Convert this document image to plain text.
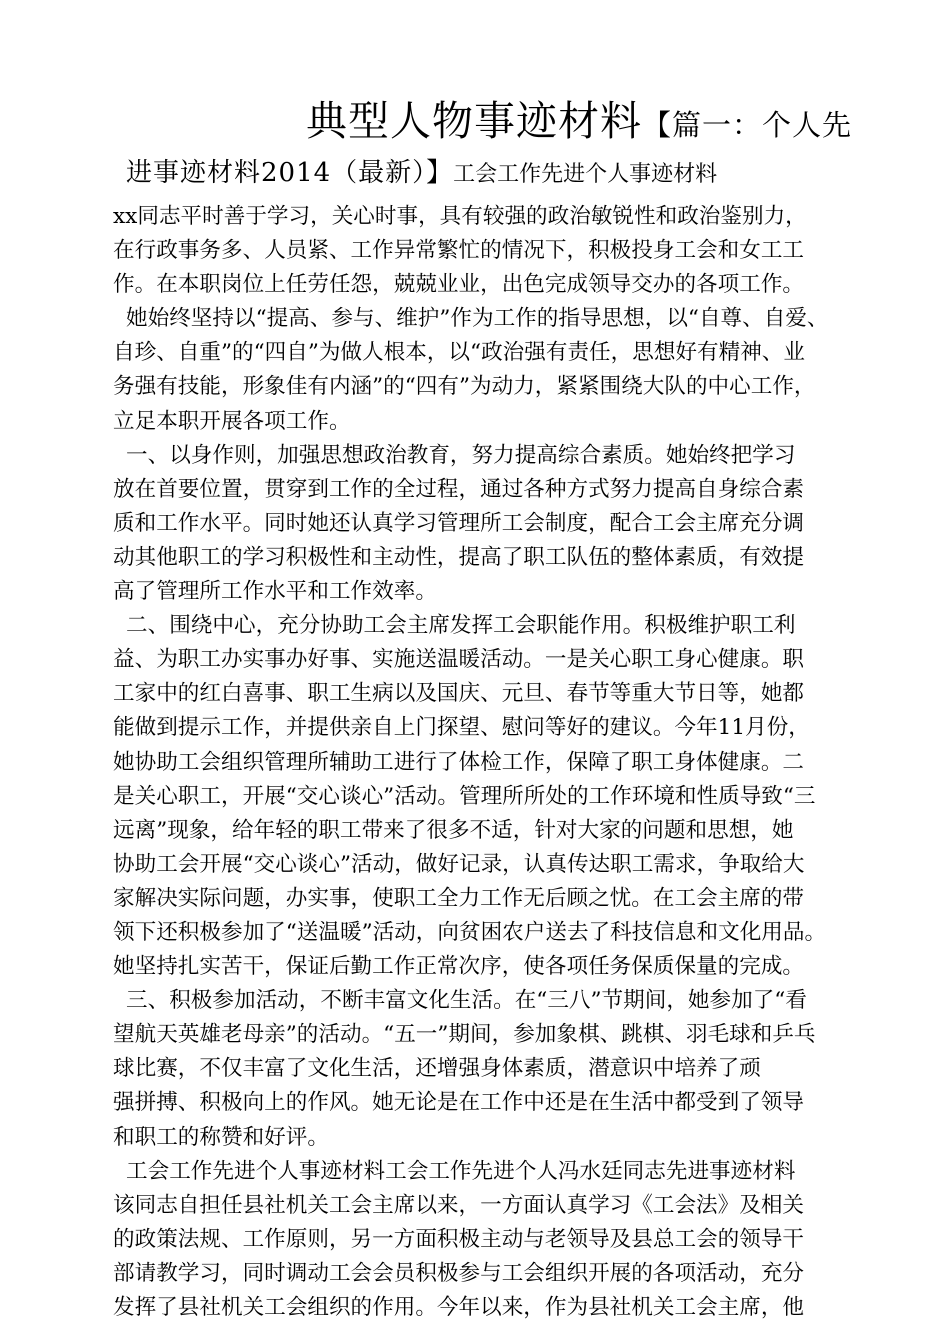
典型人物事迹材料【篇一：个人先
进事迹材料2014（最新）】工会工作先进个人事迹材料
xx同志平时善于学习，关心时事，具有较强的政治敏锐性和政治鉴别力，
在行政事务多、人员紧、工作异常繁忙的情况下，积极投身工会和女工工
作。在本职岗位上任劳任怨，兢兢业业，出色完成领导交办的各项工作。
她始终坚持以“提高、参与、维护”作为工作的指导思想，以“自尊、自爱、
自珍、自重”的“四自”为做人根本，以“政治强有责任，思想好有精神、业
务强有技能，形象佳有内涵”的“四有”为动力，紧紧围绕大队的中心工作，
立足本职开展各项工作。
一、以身作则，加强思想政治教育，努力提高综合素质。她始终把学习
放在首要位置，贯穿到工作的全过程，通过各种方式努力提高自身综合素
质和工作水平。同时她还认真学习管理所工会制度，配合工会主席充分调
动其他职工的学习积极性和主动性，提高了职工队伍的整体素质，有效提
高了管理所工作水平和工作效率。
二、围绕中心，充分协助工会主席发挥工会职能作用。积极维护职工利
益、为职工办实事办好事、实施送温暖活动。一是关心职工身心健康。职
工家中的红白喜事、职工生病以及国庆、元旦、春节等重大节日等，她都
能做到提示工作，并提供亲自上门探望、慰问等好的建议。今年11月份，
她协助工会组织管理所辅助工进行了体检工作，保障了职工身体健康。二
是关心职工，开展“交心谈心”活动。管理所所处的工作环境和性质导致“三
远离”现象，给年轻的职工带来了很多不适，针对大家的问题和思想，她
协助工会开展“交心谈心”活动，做好记录，认真传达职工需求，争取给大
家解决实际问题，办实事，使职工全力工作无后顾之忧。在工会主席的带
领下还积极参加了“送温暖”活动，向贫困农户送去了科技信息和文化用品。
她坚持扎实苦干，保证后勤工作正常次序，使各项任务保质保量的完成。
三、积极参加活动，不断丰富文化生活。在“三八”节期间，她参加了“看
望航天英雄老母亲”的活动。“五一”期间，参加象棋、跳棋、羽毛球和乒乓
球比赛，不仅丰富了文化生活，还增强身体素质，潜意识中培养了顽
强拼搏、积极向上的作风。她无论是在工作中还是在生活中都受到了领导
和职工的称赞和好评。
工会工作先进个人事迹材料工会工作先进个人冯水廷同志先进事迹材料
该同志自担任县社机关工会主席以来，一方面认真学习《工会法》及相关
的政策法规、工作原则，另一方面积极主动与老领导及县总工会的领导干
部请教学习，同时调动工会会员积极参与工会组织开展的各项活动，充分
发挥了县社机关工会组织的作用。今年以来，作为县社机关工会主席，他
